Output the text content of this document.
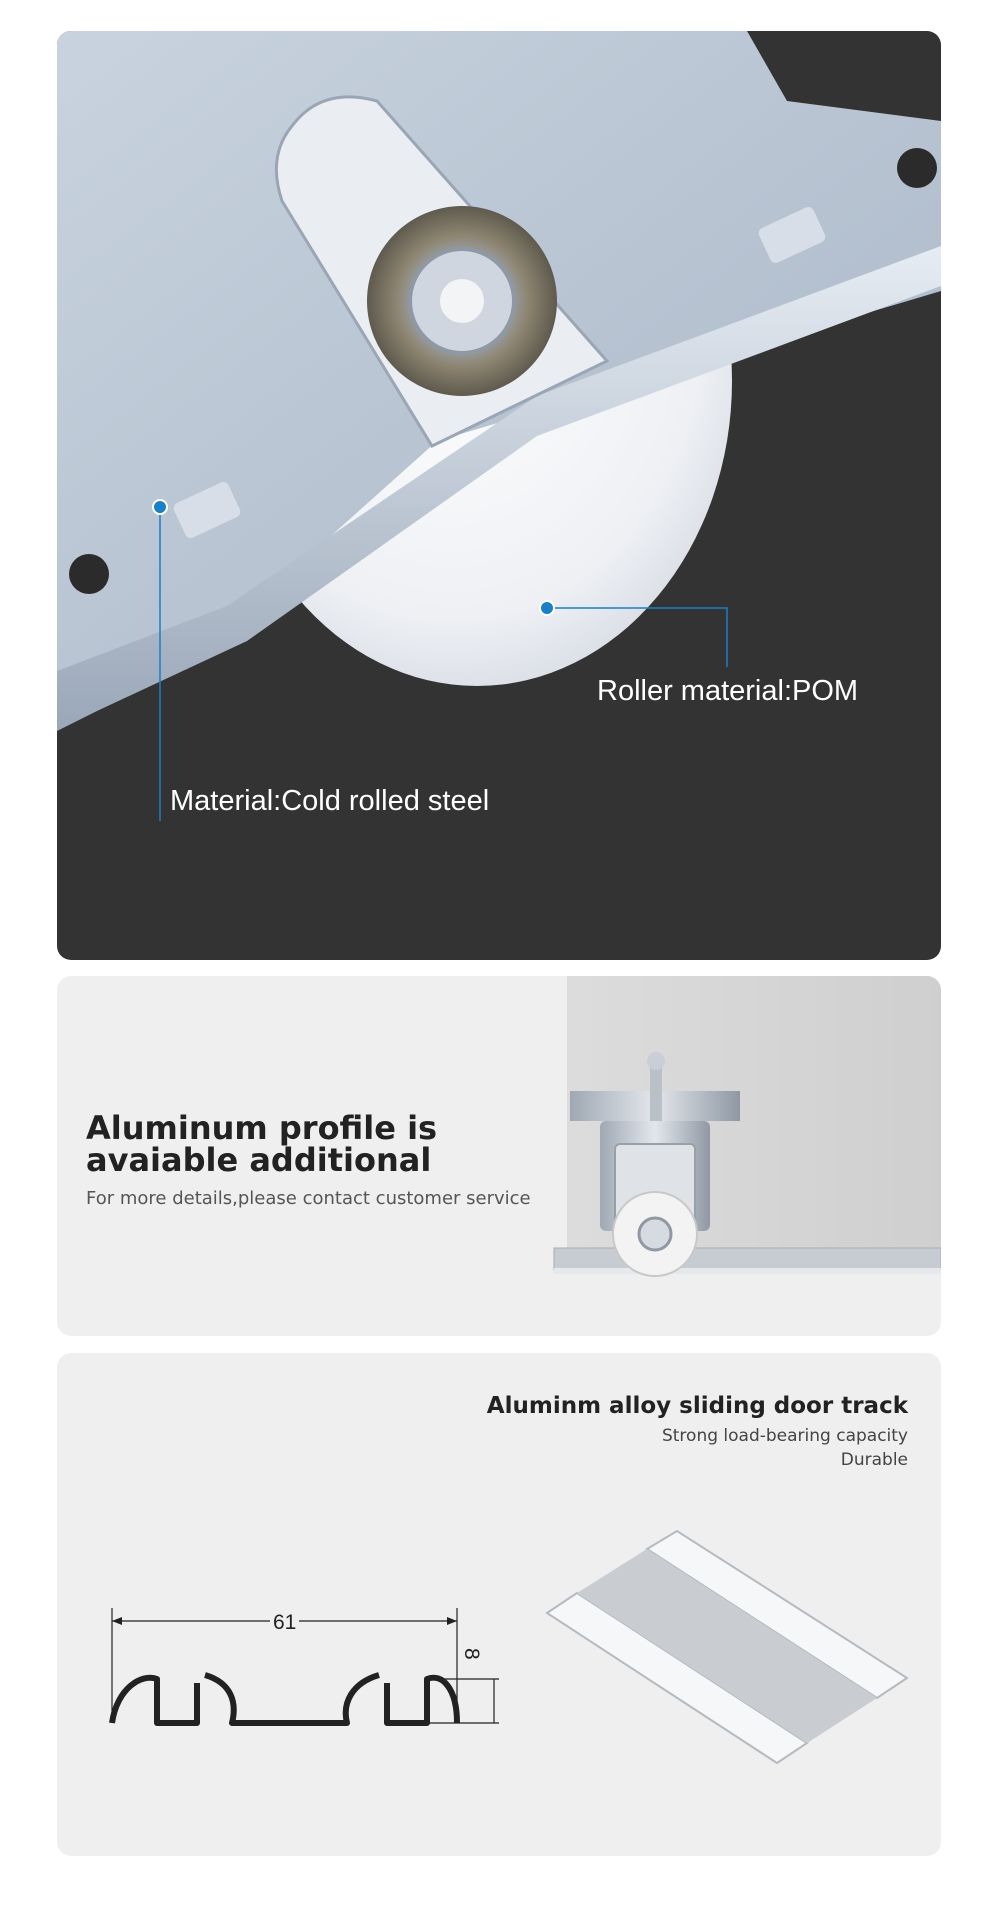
Roller material:POM
Material:Cold rolled steel
Aluminum profile is avaiable additional
For more details,please contact customer service
Aluminm alloy sliding door track
Strong load-bearing capacity
Durable
61
8
